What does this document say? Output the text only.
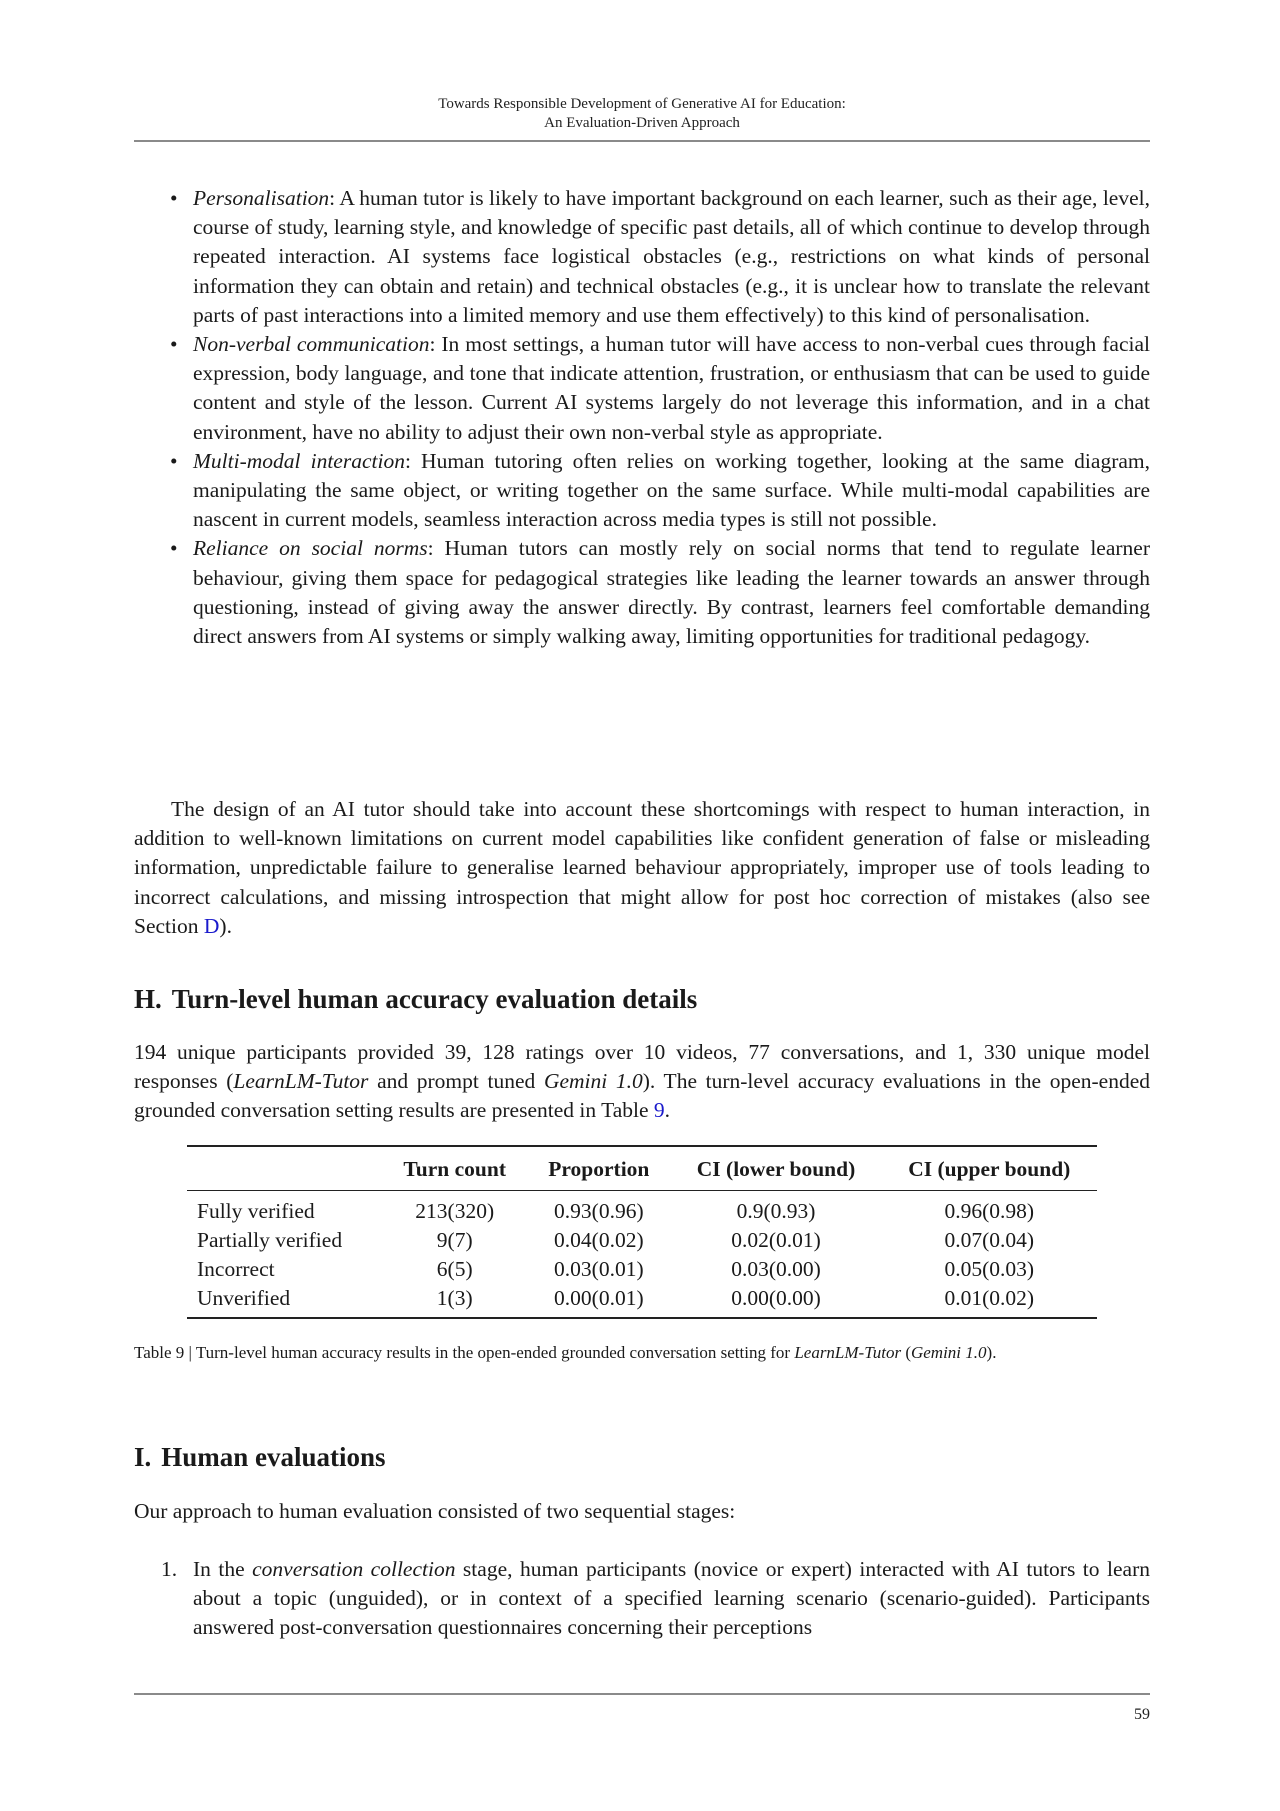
Towards Responsible Development of Generative AI for Education:
An Evaluation-Driven Approach
• Personalisation: A human tutor is likely to have important background on each learner, such as their age, level, course of study, learning style, and knowledge of specific past details, all of which continue to develop through repeated interaction. AI systems face logistical obstacles (e.g., restrictions on what kinds of personal information they can obtain and retain) and technical obstacles (e.g., it is unclear how to translate the relevant parts of past interactions into a limited memory and use them effectively) to this kind of personalisation.
• Non-verbal communication: In most settings, a human tutor will have access to non-verbal cues through facial expression, body language, and tone that indicate attention, frustration, or enthusiasm that can be used to guide content and style of the lesson. Current AI systems largely do not leverage this information, and in a chat environment, have no ability to adjust their own non-verbal style as appropriate.
• Multi-modal interaction: Human tutoring often relies on working together, looking at the same diagram, manipulating the same object, or writing together on the same surface. While multi-modal capabilities are nascent in current models, seamless interaction across media types is still not possible.
• Reliance on social norms: Human tutors can mostly rely on social norms that tend to regulate learner behaviour, giving them space for pedagogical strategies like leading the learner towards an answer through questioning, instead of giving away the answer directly. By contrast, learners feel comfortable demanding direct answers from AI systems or simply walking away, limiting opportunities for traditional pedagogy.

The design of an AI tutor should take into account these shortcomings with respect to human interaction, in addition to well-known limitations on current model capabilities like confident generation of false or misleading information, unpredictable failure to generalise learned behaviour appropriately, improper use of tools leading to incorrect calculations, and missing introspection that might allow for post hoc correction of mistakes (also see Section D).

H. Turn-level human accuracy evaluation details

194 unique participants provided 39, 128 ratings over 10 videos, 77 conversations, and 1, 330 unique model responses (LearnLM-Tutor and prompt tuned Gemini 1.0). The turn-level accuracy evaluations in the open-ended grounded conversation setting results are presented in Table 9.

	Turn count	Proportion	CI (lower bound)	CI (upper bound)
Fully verified	213(320)	0.93(0.96)	0.9(0.93)	0.96(0.98)
Partially verified	9(7)	0.04(0.02)	0.02(0.01)	0.07(0.04)
Incorrect	6(5)	0.03(0.01)	0.03(0.00)	0.05(0.03)
Unverified	1(3)	0.00(0.01)	0.00(0.00)	0.01(0.02)

Table 9 | Turn-level human accuracy results in the open-ended grounded conversation setting for LearnLM-Tutor (Gemini 1.0).

I. Human evaluations

Our approach to human evaluation consisted of two sequential stages:

1. In the conversation collection stage, human participants (novice or expert) interacted with AI tutors to learn about a topic (unguided), or in context of a specified learning scenario (scenario-guided). Participants answered post-conversation questionnaires concerning their perceptions
59
